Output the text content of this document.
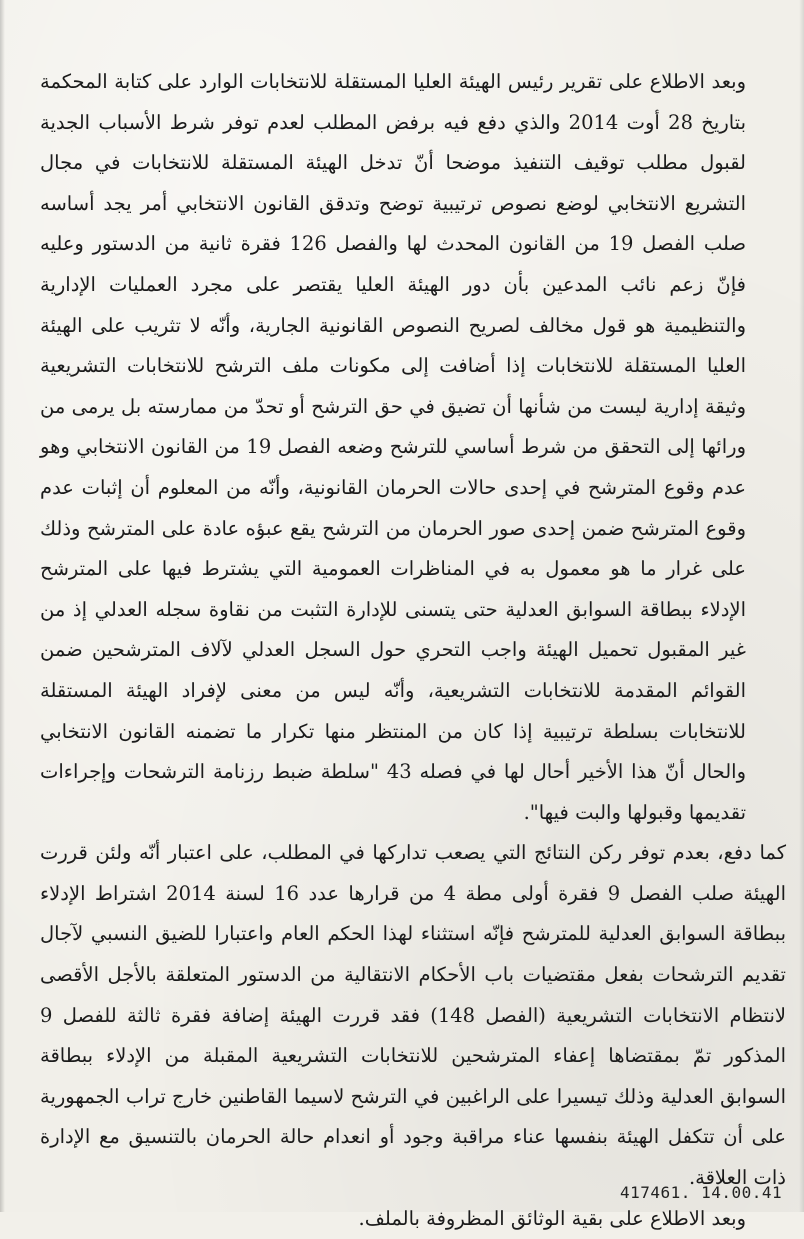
وبعد الاطلاع على تقرير رئيس الهيئة العليا المستقلة للانتخابات الوارد على كتابة المحكمة بتاريخ 28 أوت 2014 والذي دفع فيه برفض المطلب لعدم توفر شرط الأسباب الجدية لقبول مطلب توقيف التنفيذ موضحا أنّ تدخل الهيئة المستقلة للانتخابات في مجال التشريع الانتخابي لوضع نصوص ترتيبية توضح وتدقق القانون الانتخابي أمر يجد أساسه صلب الفصل 19 من القانون المحدث لها والفصل 126 فقرة ثانية من الدستور وعليه فإنّ زعم نائب المدعين بأن دور الهيئة العليا يقتصر على مجرد العمليات الإدارية والتنظيمية هو قول مخالف لصريح النصوص القانونية الجارية، وأنّه لا تثريب على الهيئة العليا المستقلة للانتخابات إذا أضافت إلى مكونات ملف الترشح للانتخابات التشريعية وثيقة إدارية ليست من شأنها أن تضيق في حق الترشح أو تحدّ من ممارسته بل يرمى من ورائها إلى التحقق من شرط أساسي للترشح وضعه الفصل 19 من القانون الانتخابي وهو عدم وقوع المترشح في إحدى حالات الحرمان القانونية، وأنّه من المعلوم أن إثبات عدم وقوع المترشح ضمن إحدى صور الحرمان من الترشح يقع عبؤه عادة على المترشح وذلك على غرار ما هو معمول به في المناظرات العمومية التي يشترط فيها على المترشح الإدلاء ببطاقة السوابق العدلية حتى يتسنى للإدارة التثبت من نقاوة سجله العدلي إذ من غير المقبول تحميل الهيئة واجب التحري حول السجل العدلي لآلاف المترشحين ضمن القوائم المقدمة للانتخابات التشريعية، وأنّه ليس من معنى لإفراد الهيئة المستقلة للانتخابات بسلطة ترتيبية إذا كان من المنتظر منها تكرار ما تضمنه القانون الانتخابي والحال أنّ هذا الأخير أحال لها في فصله 43 "سلطة ضبط رزنامة الترشحات وإجراءات تقديمها وقبولها والبت فيها".

كما دفع، بعدم توفر ركن النتائج التي يصعب تداركها في المطلب، على اعتبار أنّه ولئن قررت الهيئة صلب الفصل 9 فقرة أولى مطة 4 من قرارها عدد 16 لسنة 2014 اشتراط الإدلاء ببطاقة السوابق العدلية للمترشح فإنّه استثناء لهذا الحكم العام واعتبارا للضيق النسبي لآجال تقديم الترشحات بفعل مقتضيات باب الأحكام الانتقالية من الدستور المتعلقة بالأجل الأقصى لانتظام الانتخابات التشريعية (الفصل 148) فقد قررت الهيئة إضافة فقرة ثالثة للفصل 9 المذكور تمّ بمقتضاها إعفاء المترشحين للانتخابات التشريعية المقبلة من الإدلاء ببطاقة السوابق العدلية وذلك تيسيرا على الراغبين في الترشح لاسيما القاطنين خارج تراب الجمهورية على أن تتكفل الهيئة بنفسها عناء مراقبة وجود أو انعدام حالة الحرمان بالتنسيق مع الإدارة ذات العلاقة.

وبعد الاطلاع على بقية الوثائق المظروفة بالملف.

417461. 14.00.41
